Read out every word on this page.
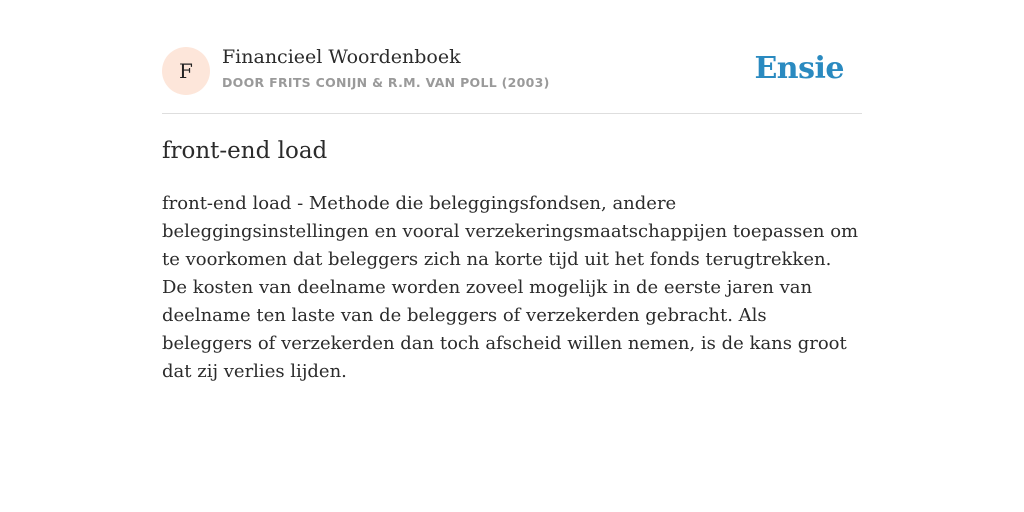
F
Financieel Woordenboek
DOOR FRITS CONIJN & R.M. VAN POLL (2003)	Ensie
front-end load

front-end load - Methode die beleggingsfondsen, andere beleggingsinstellingen en vooral verzekeringsmaatschappijen toepassen om te voorkomen dat beleggers zich na korte tijd uit het fonds terugtrekken. De kosten van deelname worden zoveel mogelijk in de eerste jaren van deelname ten laste van de beleggers of verzekerden gebracht. Als beleggers of verzekerden dan toch afscheid willen nemen, is de kans groot dat zij verlies lijden.
